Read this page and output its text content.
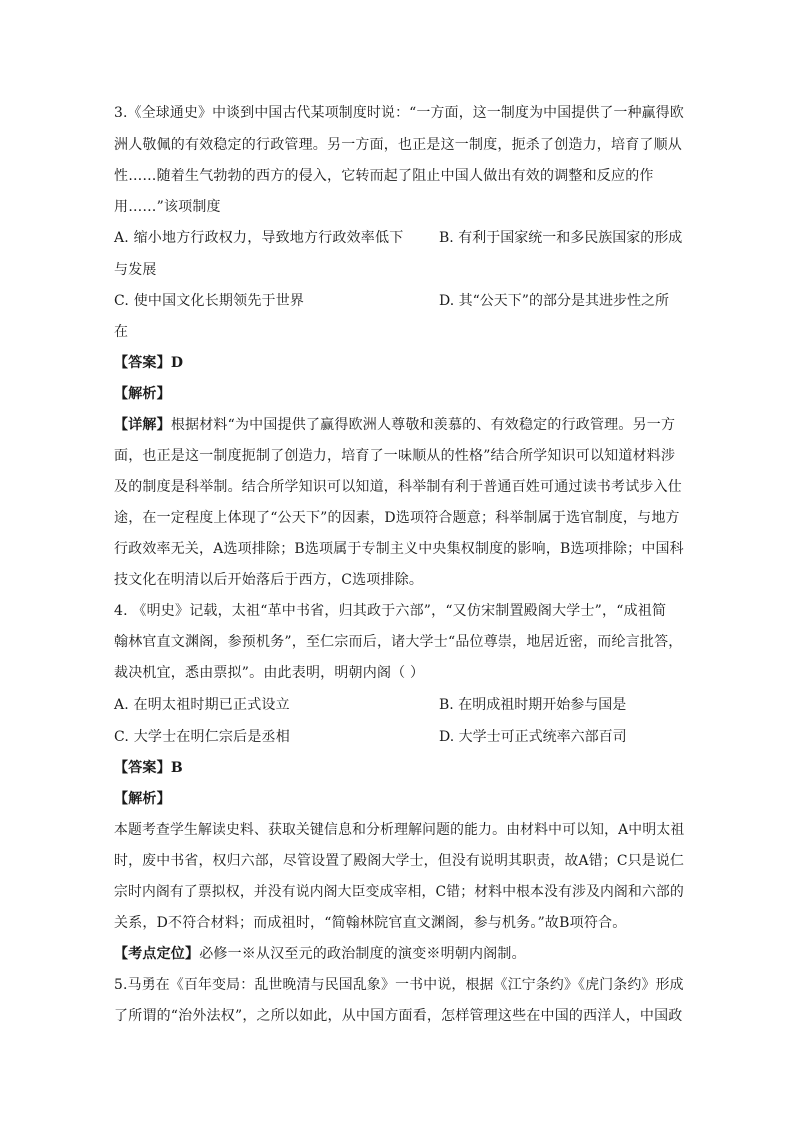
3.《全球通史》中谈到中国古代某项制度时说：“一方面，这一制度为中国提供了一种赢得欧
洲人敬佩的有效稳定的行政管理。另一方面，也正是这一制度，扼杀了创造力，培育了顺从
性……随着生气勃勃的西方的侵入，它转而起了阻止中国人做出有效的调整和反应的作
用……”该项制度
A. 缩小地方行政权力，导致地方行政效率低下	B. 有利于国家统一和多民族国家的形成
与发展
C. 使中国文化长期领先于世界	D. 其“公天下”的部分是其进步性之所
在
【答案】D
【解析】
【详解】根据材料“为中国提供了赢得欧洲人尊敬和羡慕的、有效稳定的行政管理。另一方
面，也正是这一制度扼制了创造力，培育了一味顺从的性格”结合所学知识可以知道材料涉
及的制度是科举制。结合所学知识可以知道，科举制有利于普通百姓可通过读书考试步入仕
途，在一定程度上体现了“公天下”的因素，D选项符合题意；科举制属于选官制度，与地方
行政效率无关，A选项排除；B选项属于专制主义中央集权制度的影响，B选项排除；中国科
技文化在明清以后开始落后于西方，C选项排除。
4. 《明史》记载，太祖“革中书省，归其政于六部”，“又仿宋制置殿阁大学士”，“成祖简
翰林官直文渊阁，参预机务”，至仁宗而后，诸大学士“品位尊崇，地居近密，而纶言批答，
裁决机宜，悉由票拟”。由此表明，明朝内阁（ ）
A. 在明太祖时期已正式设立	B. 在明成祖时期开始参与国是
C. 大学士在明仁宗后是丞相	D. 大学士可正式统率六部百司
【答案】B
【解析】
本题考查学生解读史料、获取关键信息和分析理解问题的能力。由材料中可以知，A中明太祖
时，废中书省，权归六部，尽管设置了殿阁大学士，但没有说明其职责，故A错；C只是说仁
宗时内阁有了票拟权，并没有说内阁大臣变成宰相，C错；材料中根本没有涉及内阁和六部的
关系，D不符合材料；而成祖时，“简翰林院官直文渊阁，参与机务。”故B项符合。
【考点定位】必修一※从汉至元的政治制度的演变※明朝内阁制。
5.马勇在《百年变局：乱世晚清与民国乱象》一书中说，根据《江宁条约》《虎门条约》形成
了所谓的“治外法权”，之所以如此，从中国方面看，怎样管理这些在中国的西洋人，中国政
